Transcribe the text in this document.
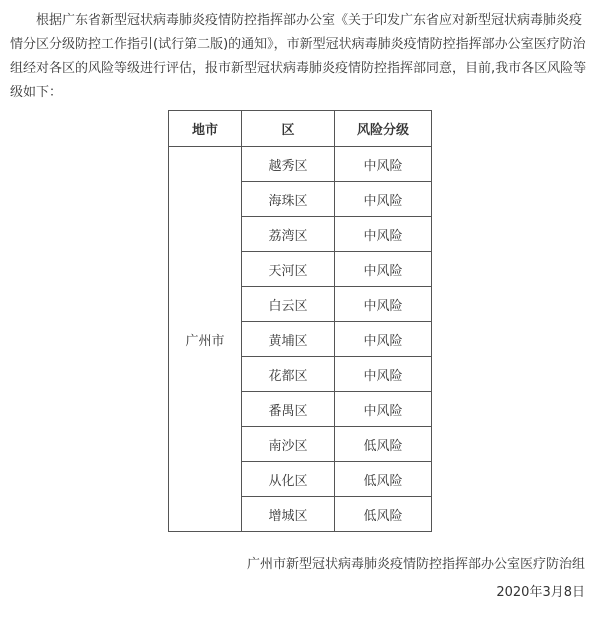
根据广东省新型冠状病毒肺炎疫情防控指挥部办公室《关于印发广东省应对新型冠状病毒肺炎疫情分区分级防控工作指引(试行第二版)的通知》，市新型冠状病毒肺炎疫情防控指挥部办公室医疗防治组经对各区的风险等级进行评估，报市新型冠状病毒肺炎疫情防控指挥部同意，目前,我市各区风险等级如下：

地市	区	风险分级
广州市	越秀区	中风险
	海珠区	中风险
	荔湾区	中风险
	天河区	中风险
	白云区	中风险
	黄埔区	中风险
	花都区	中风险
	番禺区	中风险
	南沙区	低风险
	从化区	低风险
	增城区	低风险

广州市新型冠状病毒肺炎疫情防控指挥部办公室医疗防治组

2020年3月8日
